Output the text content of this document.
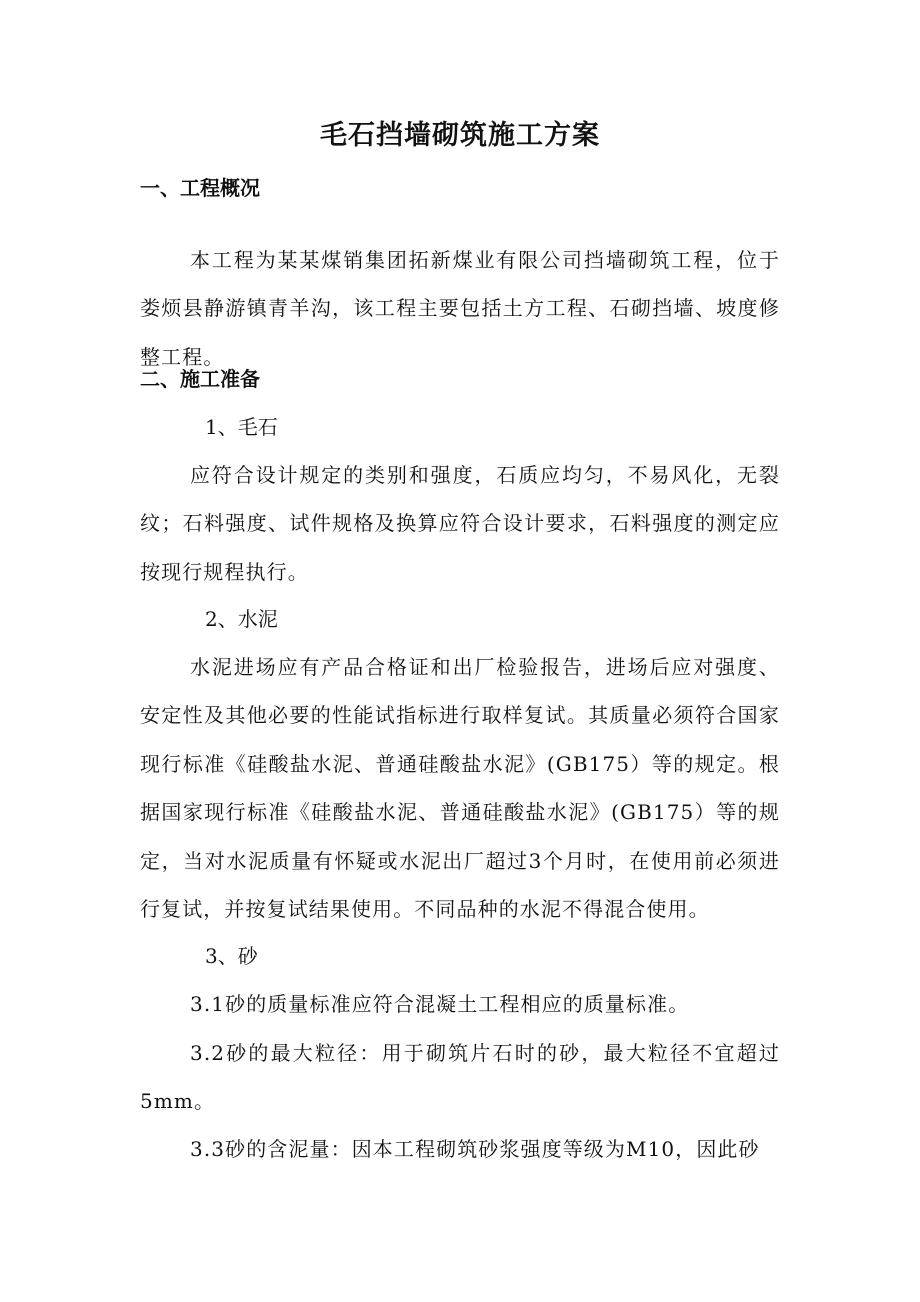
毛石挡墙砌筑施工方案
一、工程概况
本工程为某某煤销集团拓新煤业有限公司挡墙砌筑工程，位于娄烦县静游镇青羊沟，该工程主要包括土方工程、石砌挡墙、坡度修整工程。
二、施工准备
1、毛石
应符合设计规定的类别和强度，石质应均匀，不易风化，无裂纹；石料强度、试件规格及换算应符合设计要求，石料强度的测定应按现行规程执行。
2、水泥
水泥进场应有产品合格证和出厂检验报告，进场后应对强度、安定性及其他必要的性能试指标进行取样复试。其质量必须符合国家现行标准《硅酸盐水泥、普通硅酸盐水泥》(GB175）等的规定。根据国家现行标准《硅酸盐水泥、普通硅酸盐水泥》(GB175）等的规定，当对水泥质量有怀疑或水泥出厂超过3个月时，在使用前必须进行复试，并按复试结果使用。不同品种的水泥不得混合使用。
3、砂
3.1砂的质量标准应符合混凝土工程相应的质量标准。
3.2砂的最大粒径：用于砌筑片石时的砂，最大粒径不宜超过5mm。
3.3砂的含泥量：因本工程砌筑砂浆强度等级为M10，因此砂
